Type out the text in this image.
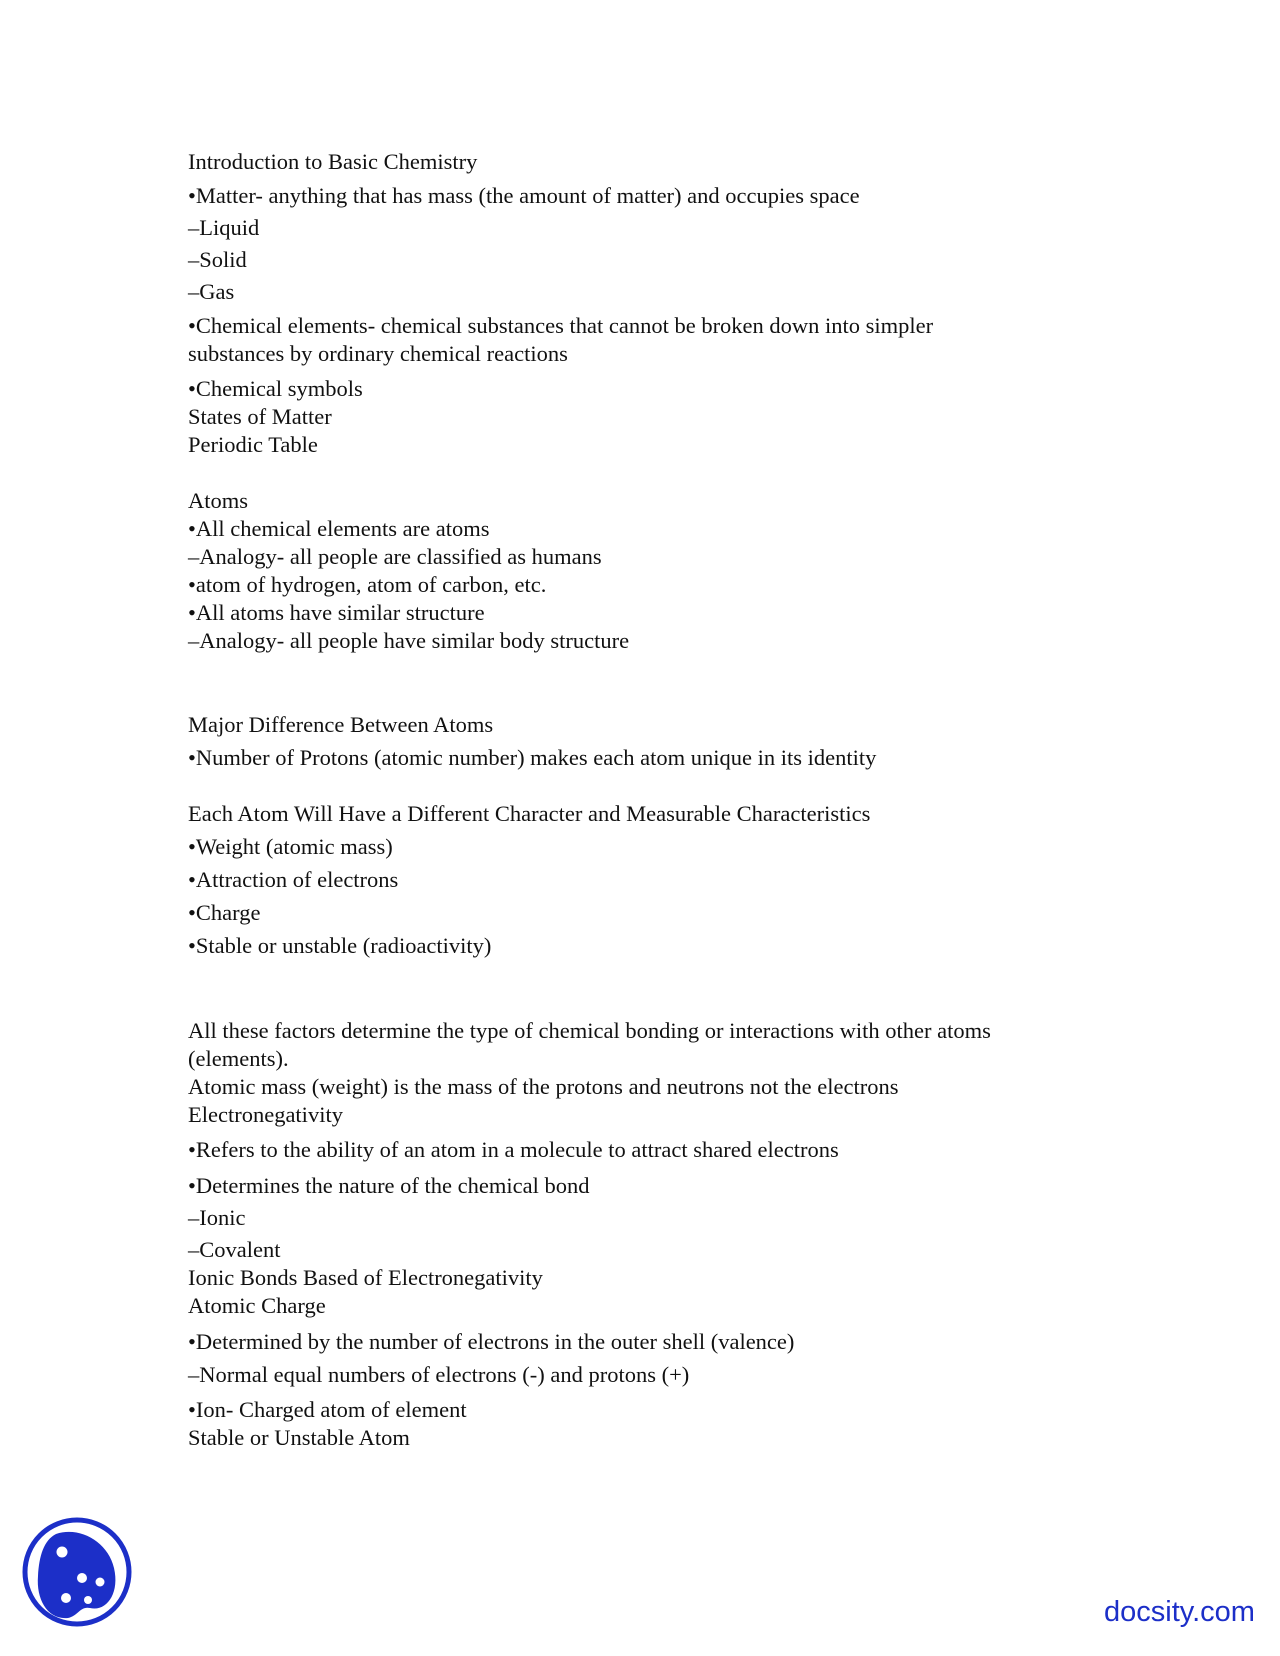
Introduction to Basic Chemistry

•Matter- anything that has mass (the amount of matter) and occupies space

–Liquid

–Solid

–Gas

•Chemical elements- chemical substances that cannot be broken down into simpler

substances by ordinary chemical reactions

•Chemical symbols

States of Matter

Periodic Table

Atoms

•All chemical elements are atoms

–Analogy- all people are classified as humans

•atom of hydrogen, atom of carbon, etc.

•All atoms have similar structure

–Analogy- all people have similar body structure

Major Difference Between Atoms

•Number of Protons (atomic number) makes each atom unique in its identity

Each Atom Will Have a Different Character and Measurable Characteristics

•Weight (atomic mass)

•Attraction of electrons

•Charge

•Stable or unstable (radioactivity)

All these factors determine the type of chemical bonding or interactions with other atoms

(elements).

Atomic mass (weight) is the mass of the protons and neutrons not the electrons

Electronegativity

•Refers to the ability of an atom in a molecule to attract shared electrons

•Determines the nature of the chemical bond

–Ionic

–Covalent

Ionic Bonds Based of Electronegativity

Atomic Charge

•Determined by the number of electrons in the outer shell (valence)

–Normal equal numbers of electrons (-) and protons (+)

•Ion- Charged atom of element

Stable or Unstable Atom

docsity.com
